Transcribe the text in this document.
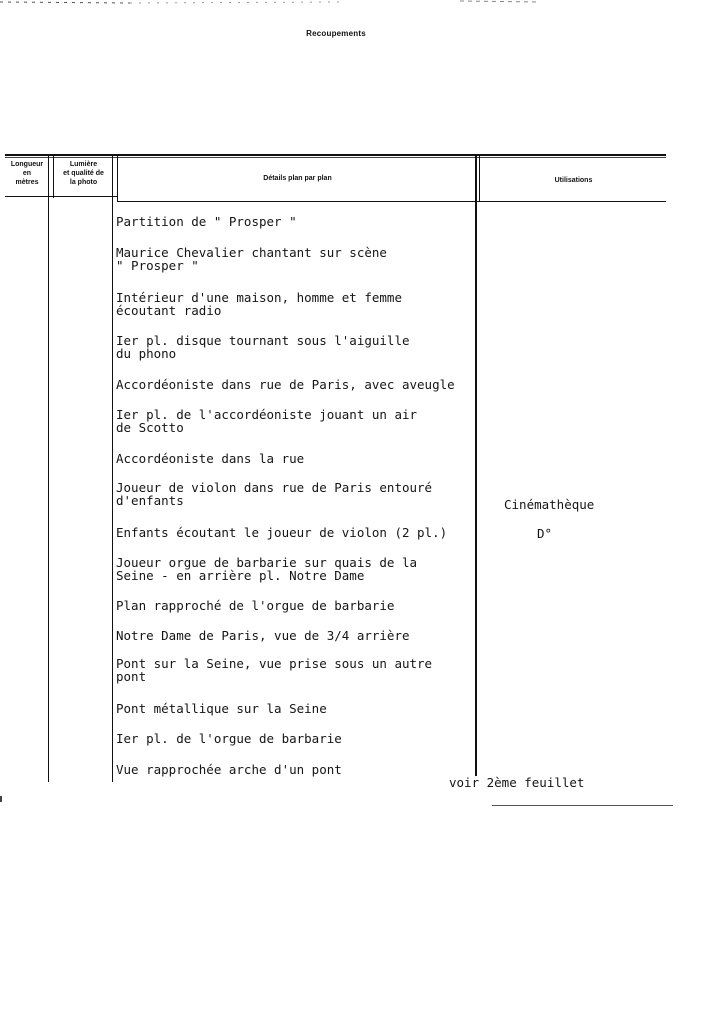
Recoupements
Longueur
en
mètres
Lumière
et qualité de
la photo
Détails plan par plan	Utilisations
Partition de " Prosper "
Maurice Chevalier chantant sur scène
" Prosper "
Intérieur d'une maison, homme et femme
écoutant radio
Ier pl. disque tournant sous l'aiguille
du phono
Accordéoniste dans rue de Paris, avec aveugle
Ier pl. de l'accordéoniste jouant un air
de Scotto
Accordéoniste dans la rue
Joueur de violon dans rue de Paris entouré
d'enfants
Enfants écoutant le joueur de violon (2 pl.)
Joueur orgue de barbarie sur quais de la
Seine - en arrière pl. Notre Dame
Plan rapproché de l'orgue de barbarie
Notre Dame de Paris, vue de 3/4 arrière
Pont sur la Seine, vue prise sous un autre
pont
Pont métallique sur la Seine
Ier pl. de l'orgue de barbarie
Vue rapprochée arche d'un pont
Cinémathèque
D°
voir 2ème feuillet
